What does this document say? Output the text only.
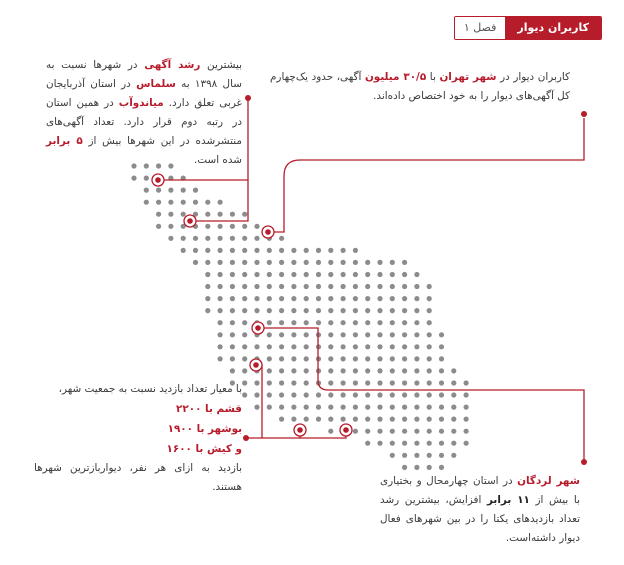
فصل ۱	کاربران دیوار

کاربران دیوار در شهر تهران با ۳۰/۵ میلیون آگهی، حدود یک‌چهارم کل آگهی‌های دیوار را به خود اختصاص داده‌اند.

بیشترین رشد آگهی در شهرها نسبت به سال ۱۳۹۸ به سلماس در استان آذربایجان غربی تعلق دارد. میاندوآب در همین استان در رتبه دوم قرار دارد. تعداد آگهی‌های منتشرشده در این شهرها بیش از ۵ برابر شده است.

با معیار تعداد بازدید نسبت به جمعیت شهر،

قشم با ۲۲۰۰
بوشهر با ۱۹۰۰
و کیش با ۱۶۰۰

بازدید به ازای هر نفر، دیوارباز‌ترین شهرها هستند.	شهر لردگان در استان چهارمحال و بختیاری با بیش از ۱۱ برابر افزایش، بیشترین رشد تعداد بازدیدهای یکتا را در بین شهرهای فعال دیوار داشته‌است.
